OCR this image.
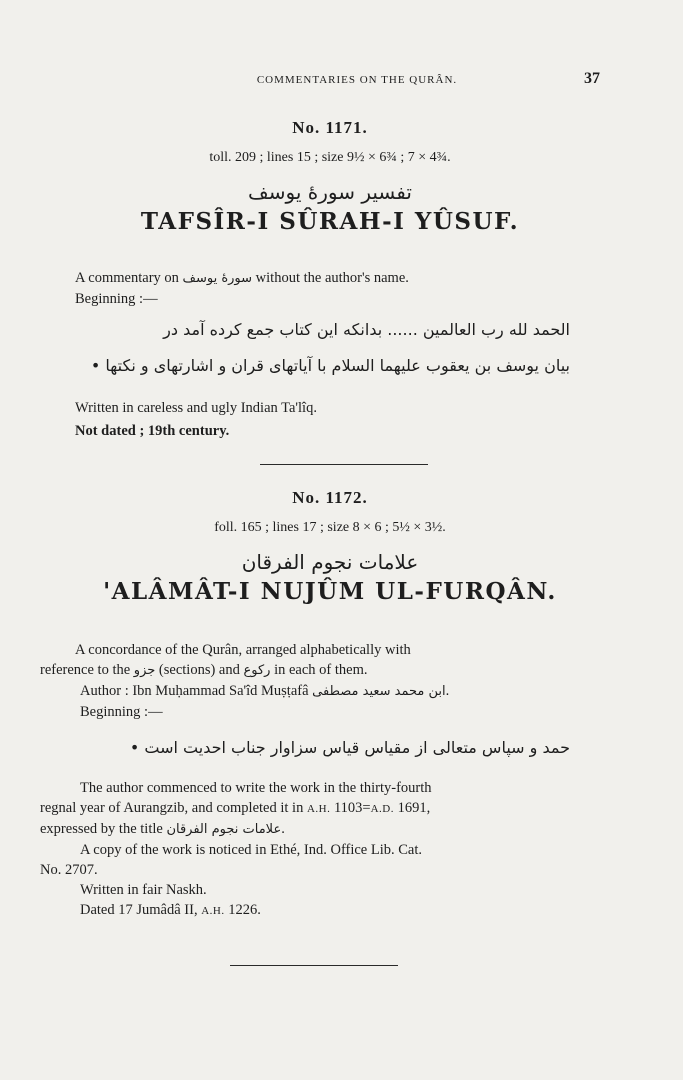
COMMENTARIES ON THE QURÂN.	37
No. 1171.
toll. 209 ; lines 15 ; size 9½ × 6¾ ; 7 × 4¾.
تفسير سورهٔ يوسف
TAFSÎR-I SÛRAH-I YÛSUF.

A commentary on سورهٔ يوسف without the author's name.

Beginning :—

الحمد لله رب العالمين ...... بدانكه اين كتاب جمع كرده آمد در
بيان يوسف بن يعقوب عليهما السلام با آياتهاى قران و اشارتهاى و نكتها •

Written in careless and ugly Indian Ta'lîq.

Not dated ; 19th century.

No. 1172.
foll. 165 ; lines 17 ; size 8 × 6 ; 5½ × 3½.
علامات نجوم الفرقان
'ALÂMÂT-I NUJÛM UL-FURQÂN.

A concordance of the Qurân, arranged alphabetically with

reference to the جزو (sections) and ركوع in each of them.

Author : Ibn Muḥammad Sa'îd Muṣṭafâ ابن محمد سعيد مصطفى.

Beginning :—

حمد و سپاس متعالى از مقياس قياس سزاوار جناب احديت است •

The author commenced to write the work in the thirty-fourth

regnal year of Aurangzib, and completed it in A.H. 1103=A.D. 1691,

expressed by the title علامات نجوم الفرقان.

A copy of the work is noticed in Ethé, Ind. Office Lib. Cat.

No. 2707.

Written in fair Naskh.

Dated 17 Jumâdâ II, A.H. 1226.
